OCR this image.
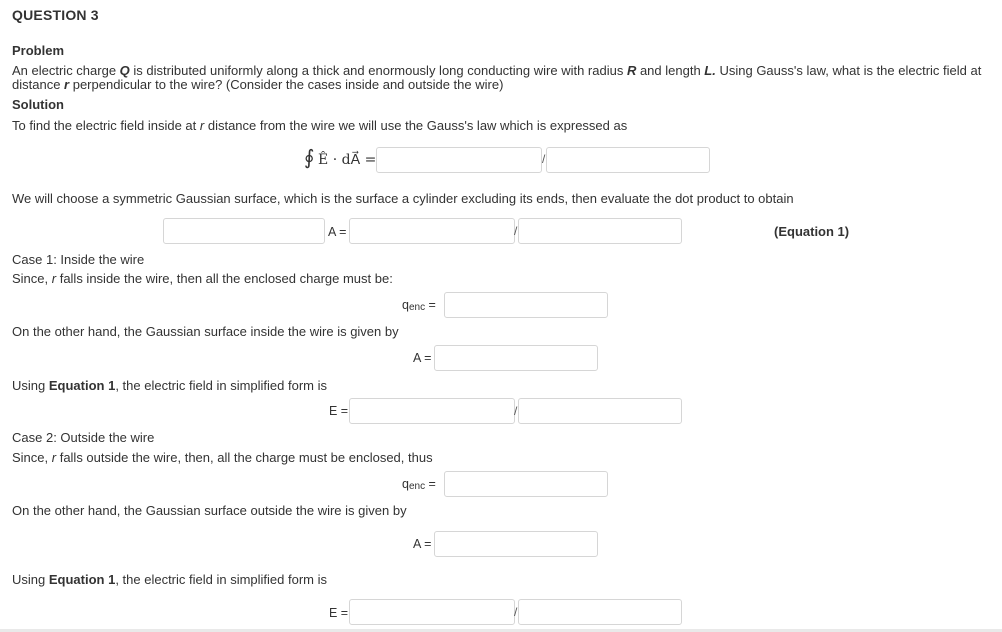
QUESTION 3
Problem
An electric charge Q is distributed uniformly along a thick and enormously long conducting wire with radius R and length L. Using Gauss's law, what is the electric field at distance r perpendicular to the wire? (Consider the cases inside and outside the wire)
Solution
To find the electric field inside at r distance from the wire we will use the Gauss's law which is expressed as
∮ Ê · dA⃗ =	/
We will choose a symmetric Gaussian surface, which is the surface a cylinder excluding its ends, then evaluate the dot product to obtain
A =	/	(Equation 1)
Case 1: Inside the wire
Since, r falls inside the wire, then all the enclosed charge must be:
$q_{enc}$ =
On the other hand, the Gaussian surface inside the wire is given by
A =
Using Equation 1, the electric field in simplified form is
E =	/
Case 2: Outside the wire
Since, r falls outside the wire, then, all the charge must be enclosed, thus
$q_{enc}$ =
On the other hand, the Gaussian surface outside the wire is given by
A =
Using Equation 1, the electric field in simplified form is
E =	/
